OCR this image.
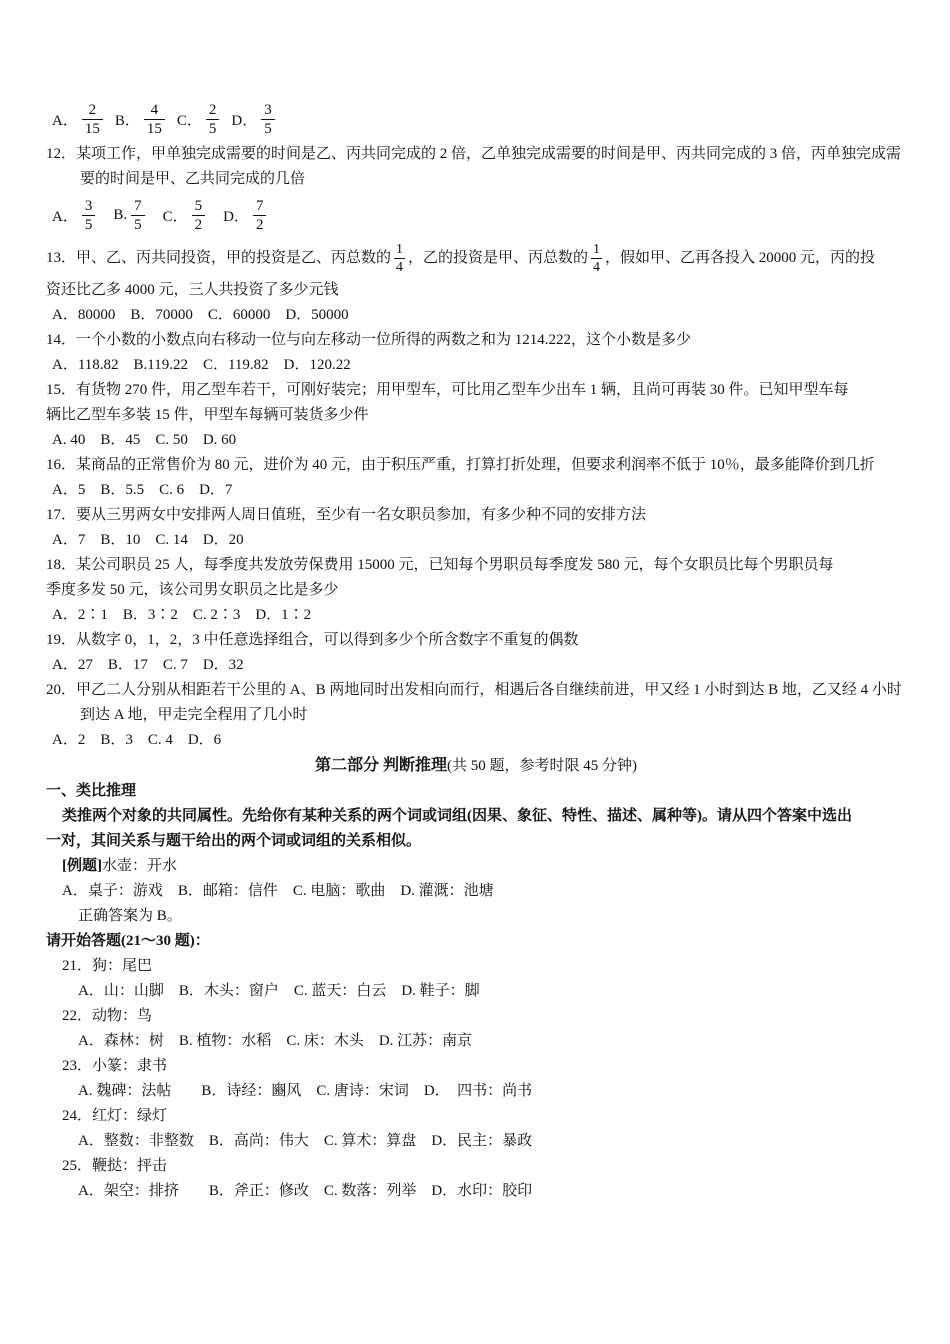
A． $\frac{2}{15}$ B． $\frac{4}{15}$ C． $\frac{2}{5}$ D． $\frac{3}{5}$
12．某项工作，甲单独完成需要的时间是乙、丙共同完成的 2 倍，乙单独完成需要的时间是甲、丙共同完成的 3 倍，丙单独完成需要的时间是甲、乙共同完成的几倍
A． $\frac{3}{5} B$. $\frac{7}{5}$ C． $\frac{5}{2}$ D． $\frac{7}{2}$
13．甲、乙、丙共同投资，甲的投资是乙、丙总数的 $\frac{1}{4}$ ，乙的投资是甲、丙总数的 $\frac{1}{4}$ ，假如甲、乙再各投入 20000 元，丙的投
资还比乙多 4000 元，三人共投资了多少元钱
A．80000　B．70000　C．60000　D．50000
14．一个小数的小数点向右移动一位与向左移动一位所得的两数之和为 1214.222，这个小数是多少
A．118.82　B.119.22　C．119.82　D．120.22
15．有货物 270 件，用乙型车若干，可刚好装完；用甲型车，可比用乙型车少出车 1 辆，且尚可再装 30 件。已知甲型车每
辆比乙型车多装 15 件，甲型车每辆可装货多少件
A. 40　B．45　C. 50　D. 60
16．某商品的正常售价为 80 元，进价为 40 元，由于积压严重，打算打折处理，但要求利润率不低于 10％，最多能降价到几折
A．5　B．5.5　C. 6　D．7
17．要从三男两女中安排两人周日值班，至少有一名女职员参加，有多少种不同的安排方法
A．7　B．10　C. 14　D．20
18．某公司职员 25 人，每季度共发放劳保费用 15000 元，已知每个男职员每季度发 580 元，每个女职员比每个男职员每
季度多发 50 元，该公司男女职员之比是多少
A．2∶1　B．3∶2　C. 2∶3　D．1∶2
19．从数字 0，1，2，3 中任意选择组合，可以得到多少个所含数字不重复的偶数
A．27　B．17　C. 7　D．32
20．甲乙二人分别从相距若干公里的 A、B 两地同时出发相向而行，相遇后各自继续前进，甲又经 1 小时到达 B 地，乙又经 4 小时到达 A 地，甲走完全程用了几小时
A．2　B．3　C. 4　D．6
第二部分 判断推理(共 50 题，参考时限 45 分钟)
一、类比推理
类推两个对象的共同属性。先给你有某种关系的两个词或词组(因果、象征、特性、描述、属种等)。请从四个答案中选出
一对，其间关系与题干给出的两个词或词组的关系相似。
[例题]水壶：开水
A．桌子：游戏　B．邮箱：信件　C. 电脑：歌曲　D. 灌溉：池塘
正确答案为 B。
请开始答题(21～30 题)：
21．狗：尾巴
A．山：山脚　B．木头：窗户　C. 蓝天：白云　D. 鞋子：脚
22．动物：鸟
A．森林：树　B. 植物：水稻　C. 床：木头　D. 江苏：南京
23．小篆：隶书
A. 魏碑：法帖　　B．诗经：豳风　C. 唐诗：宋词　D．　四书：尚书
24．红灯：绿灯
A．整数：非整数　B．高尚：伟大　C. 算术：算盘　D．民主：暴政
25．鞭挞：抨击
A．架空：排挤　　B．斧正：修改　C. 数落：列举　D．水印：胶印
